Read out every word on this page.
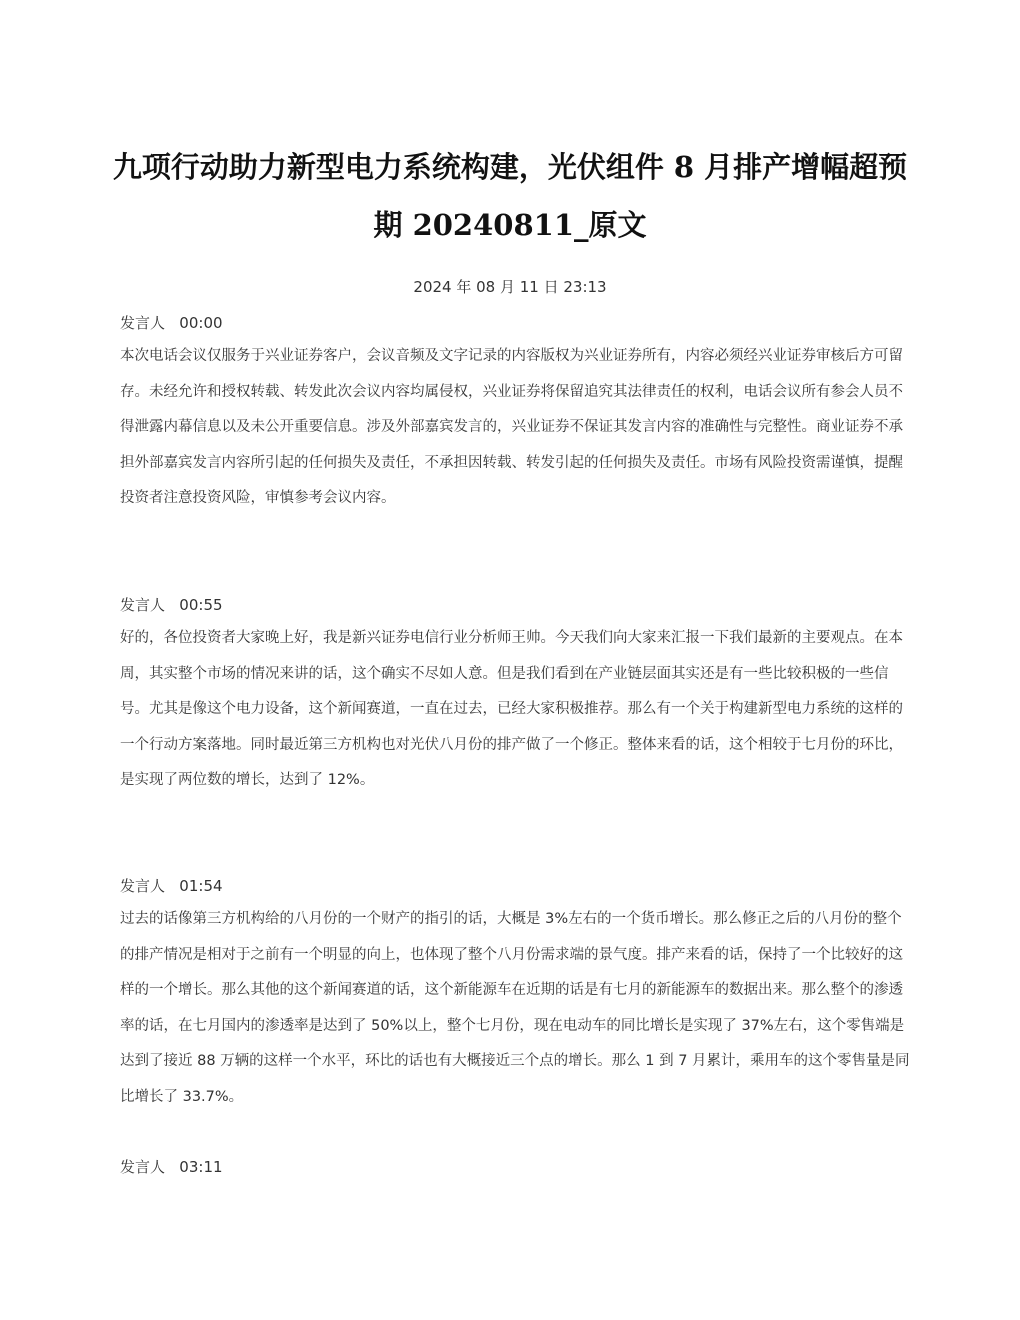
九项行动助力新型电力系统构建，光伏组件 8 月排产增幅超预期 20240811_原文
2024 年 08 月 11 日 23:13
发言人   00:00
本次电话会议仅服务于兴业证券客户，会议音频及文字记录的内容版权为兴业证券所有，内容必须经兴业证券审核后方可留存。未经允许和授权转载、转发此次会议内容均属侵权，兴业证券将保留追究其法律责任的权利，电话会议所有参会人员不得泄露内幕信息以及未公开重要信息。涉及外部嘉宾发言的，兴业证券不保证其发言内容的准确性与完整性。商业证券不承担外部嘉宾发言内容所引起的任何损失及责任，不承担因转载、转发引起的任何损失及责任。市场有风险投资需谨慎，提醒投资者注意投资风险，审慎参考会议内容。
发言人   00:55
好的，各位投资者大家晚上好，我是新兴证券电信行业分析师王帅。今天我们向大家来汇报一下我们最新的主要观点。在本周，其实整个市场的情况来讲的话，这个确实不尽如人意。但是我们看到在产业链层面其实还是有一些比较积极的一些信号。尤其是像这个电力设备，这个新闻赛道，一直在过去，已经大家积极推荐。那么有一个关于构建新型电力系统的这样的一个行动方案落地。同时最近第三方机构也对光伏八月份的排产做了一个修正。整体来看的话，这个相较于七月份的环比，是实现了两位数的增长，达到了 12%。
发言人   01:54
过去的话像第三方机构给的八月份的一个财产的指引的话，大概是 3%左右的一个货币增长。那么修正之后的八月份的整个的排产情况是相对于之前有一个明显的向上，也体现了整个八月份需求端的景气度。排产来看的话，保持了一个比较好的这样的一个增长。那么其他的这个新闻赛道的话，这个新能源车在近期的话是有七月的新能源车的数据出来。那么整个的渗透率的话，在七月国内的渗透率是达到了 50%以上，整个七月份，现在电动车的同比增长是实现了 37%左右，这个零售端是达到了接近 88 万辆的这样一个水平，环比的话也有大概接近三个点的增长。那么 1 到 7 月累计，乘用车的这个零售量是同比增长了 33.7%。
发言人   03:11
